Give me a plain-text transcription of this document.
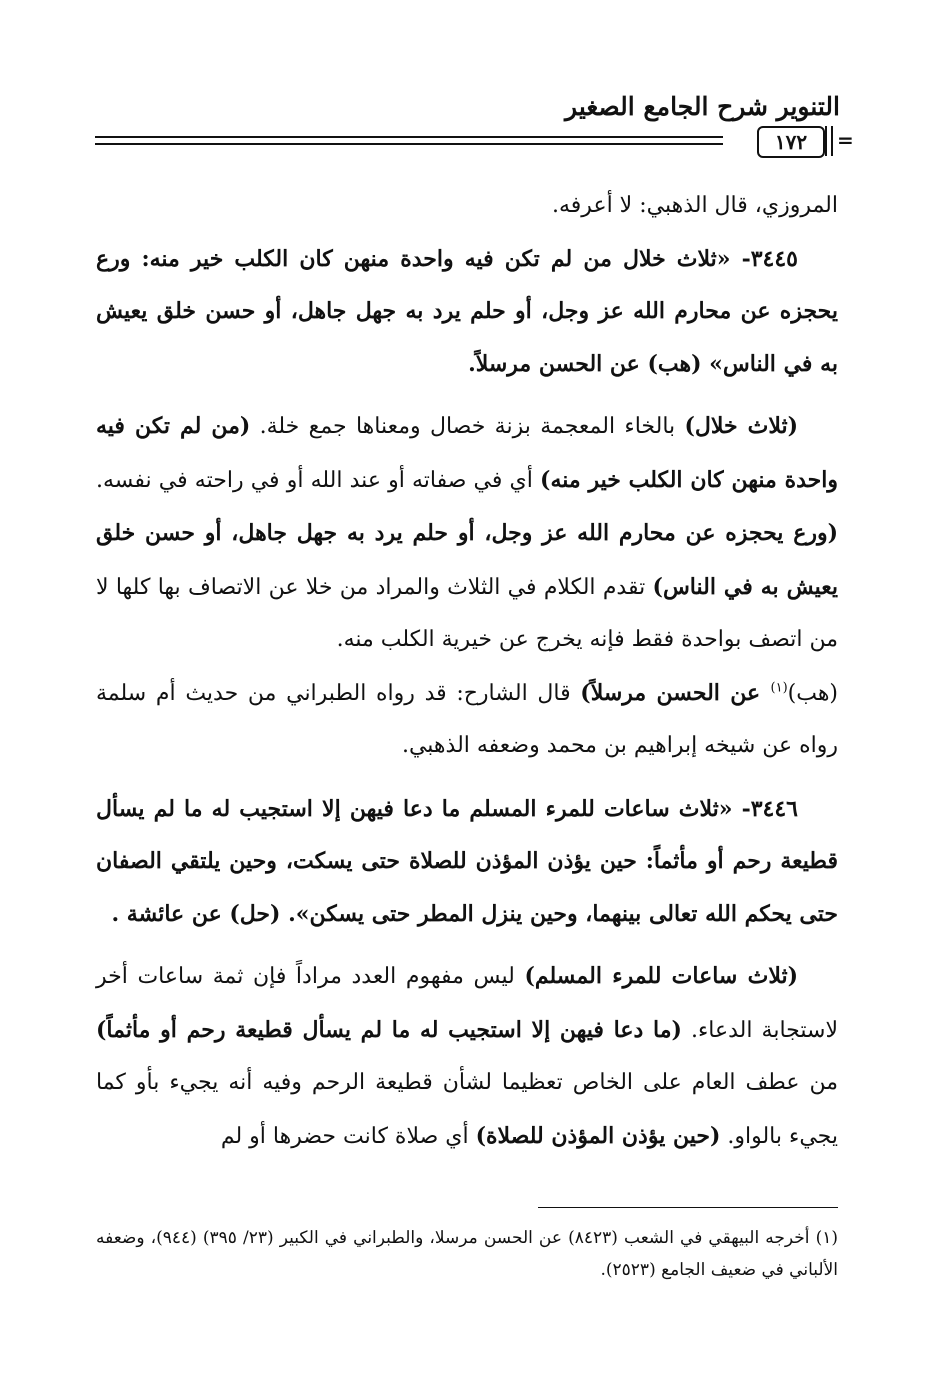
التنوير شرح الجامع الصغير
١٧٢	=

المروزي، قال الذهبي: لا أعرفه.

٣٤٤٥- «ثلاث خلال من لم تكن فيه واحدة منهن كان الكلب خير منه: ورع يحجزه عن محارم الله عز وجل، أو حلم يرد به جهل جاهل، أو حسن خلق يعيش به في الناس» (هب) عن الحسن مرسلاً.

(ثلاث خلال) بالخاء المعجمة بزنة خصال ومعناها جمع خلة. (من لم تكن فيه واحدة منهن كان الكلب خير منه) أي في صفاته أو عند الله أو في راحته في نفسه. (ورع يحجزه عن محارم الله عز وجل، أو حلم يرد به جهل جاهل، أو حسن خلق يعيش به في الناس) تقدم الكلام في الثلاث والمراد من خلا عن الاتصاف بها كلها لا من اتصف بواحدة فقط فإنه يخرج عن خيرية الكلب منه.

(هب)$^{(١)}$ عن الحسن مرسلاً) قال الشارح: قد رواه الطبراني من حديث أم سلمة رواه عن شيخه إبراهيم بن محمد وضعفه الذهبي.

٣٤٤٦- «ثلاث ساعات للمرء المسلم ما دعا فيهن إلا استجيب له ما لم يسأل قطيعة رحم أو مأثماً: حين يؤذن المؤذن للصلاة حتى يسكت، وحين يلتقي الصفان حتى يحكم الله تعالى بينهما، وحين ينزل المطر حتى يسكن». (حل) عن عائشة .

(ثلاث ساعات للمرء المسلم) ليس مفهوم العدد مراداً فإن ثمة ساعات أخر لاستجابة الدعاء. (ما دعا فيهن إلا استجيب له ما لم يسأل قطيعة رحم أو مأثماً) من عطف العام على الخاص تعظيما لشأن قطيعة الرحم وفيه أنه يجيء بأو كما يجيء بالواو. (حين يؤذن المؤذن للصلاة) أي صلاة كانت حضرها أو لم

(١) أخرجه البيهقي في الشعب (٨٤٢٣) عن الحسن مرسلا، والطبراني في الكبير (٢٣/ ٣٩٥) (٩٤٤)، وضعفه الألباني في ضعيف الجامع (٢٥٢٣).
